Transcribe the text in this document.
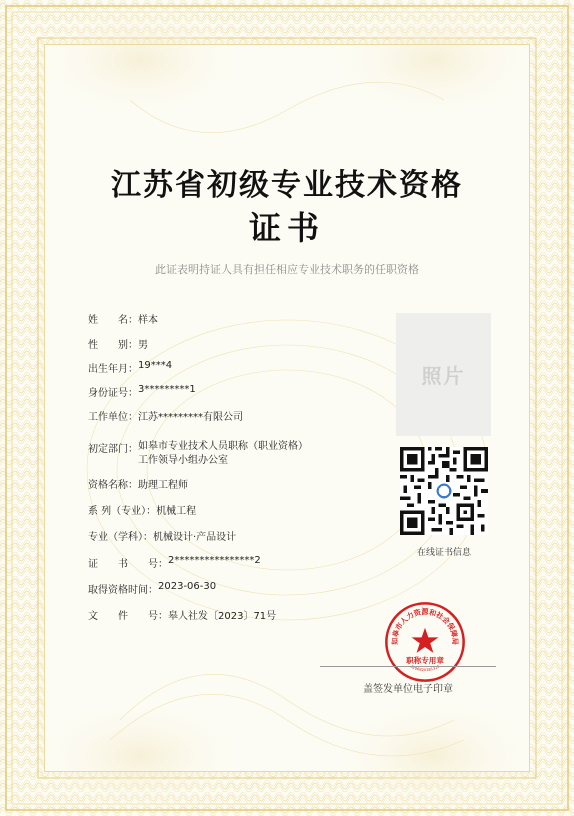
江苏省初级专业技术资格
证书
此证表明持证人具有担任相应专业技术职务的任职资格
姓　　名： 样本
性　　别： 男
出生年月： 19***4
身份证号： 3*********1
工作单位： 江苏*********有限公司
初定部门： 如皋市专业技术人员职称（职业资格）
工作领导小组办公室
资格名称： 助理工程师
系 列（专业）： 机械工程
专业（学科）： 机械设计·产品设计
证　　书　　号： 2****************2
取得资格时间： 2023-06-30
文　　件　　号： 皋人社发〔2023〕71号
照片
在线证书信息
如皋市人力资源和社会保障局
职称专用章
3206820181326
盖签发单位电子印章
